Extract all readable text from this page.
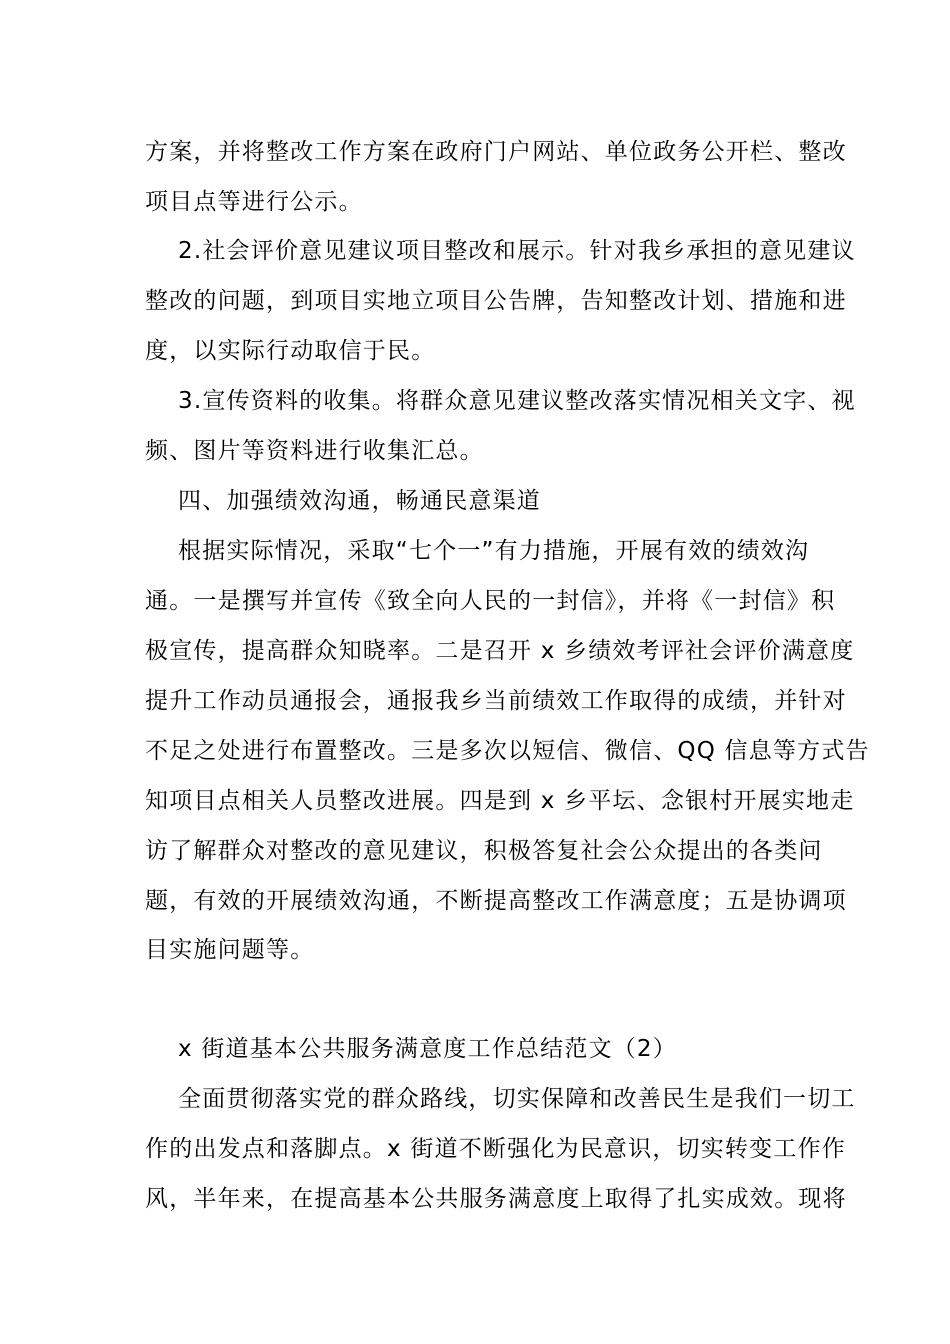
方案，并将整改工作方案在政府门户网站、单位政务公开栏、整改
项目点等进行公示。
2.社会评价意见建议项目整改和展示。针对我乡承担的意见建议
整改的问题，到项目实地立项目公告牌，告知整改计划、措施和进
度，以实际行动取信于民。
3.宣传资料的收集。将群众意见建议整改落实情况相关文字、视
频、图片等资料进行收集汇总。
四、加强绩效沟通，畅通民意渠道
根据实际情况，采取“七个一”有力措施，开展有效的绩效沟
通。一是撰写并宣传《致全向人民的一封信》，并将《一封信》积
极宣传，提高群众知晓率。二是召开 x 乡绩效考评社会评价满意度
提升工作动员通报会，通报我乡当前绩效工作取得的成绩，并针对
不足之处进行布置整改。三是多次以短信、微信、QQ 信息等方式告
知项目点相关人员整改进展。四是到 x 乡平坛、念银村开展实地走
访了解群众对整改的意见建议，积极答复社会公众提出的各类问
题，有效的开展绩效沟通，不断提高整改工作满意度；五是协调项
目实施问题等。
x 街道基本公共服务满意度工作总结范文（2）
全面贯彻落实党的群众路线，切实保障和改善民生是我们一切工
作的出发点和落脚点。x 街道不断强化为民意识，切实转变工作作
风，半年来，在提高基本公共服务满意度上取得了扎实成效。现将
